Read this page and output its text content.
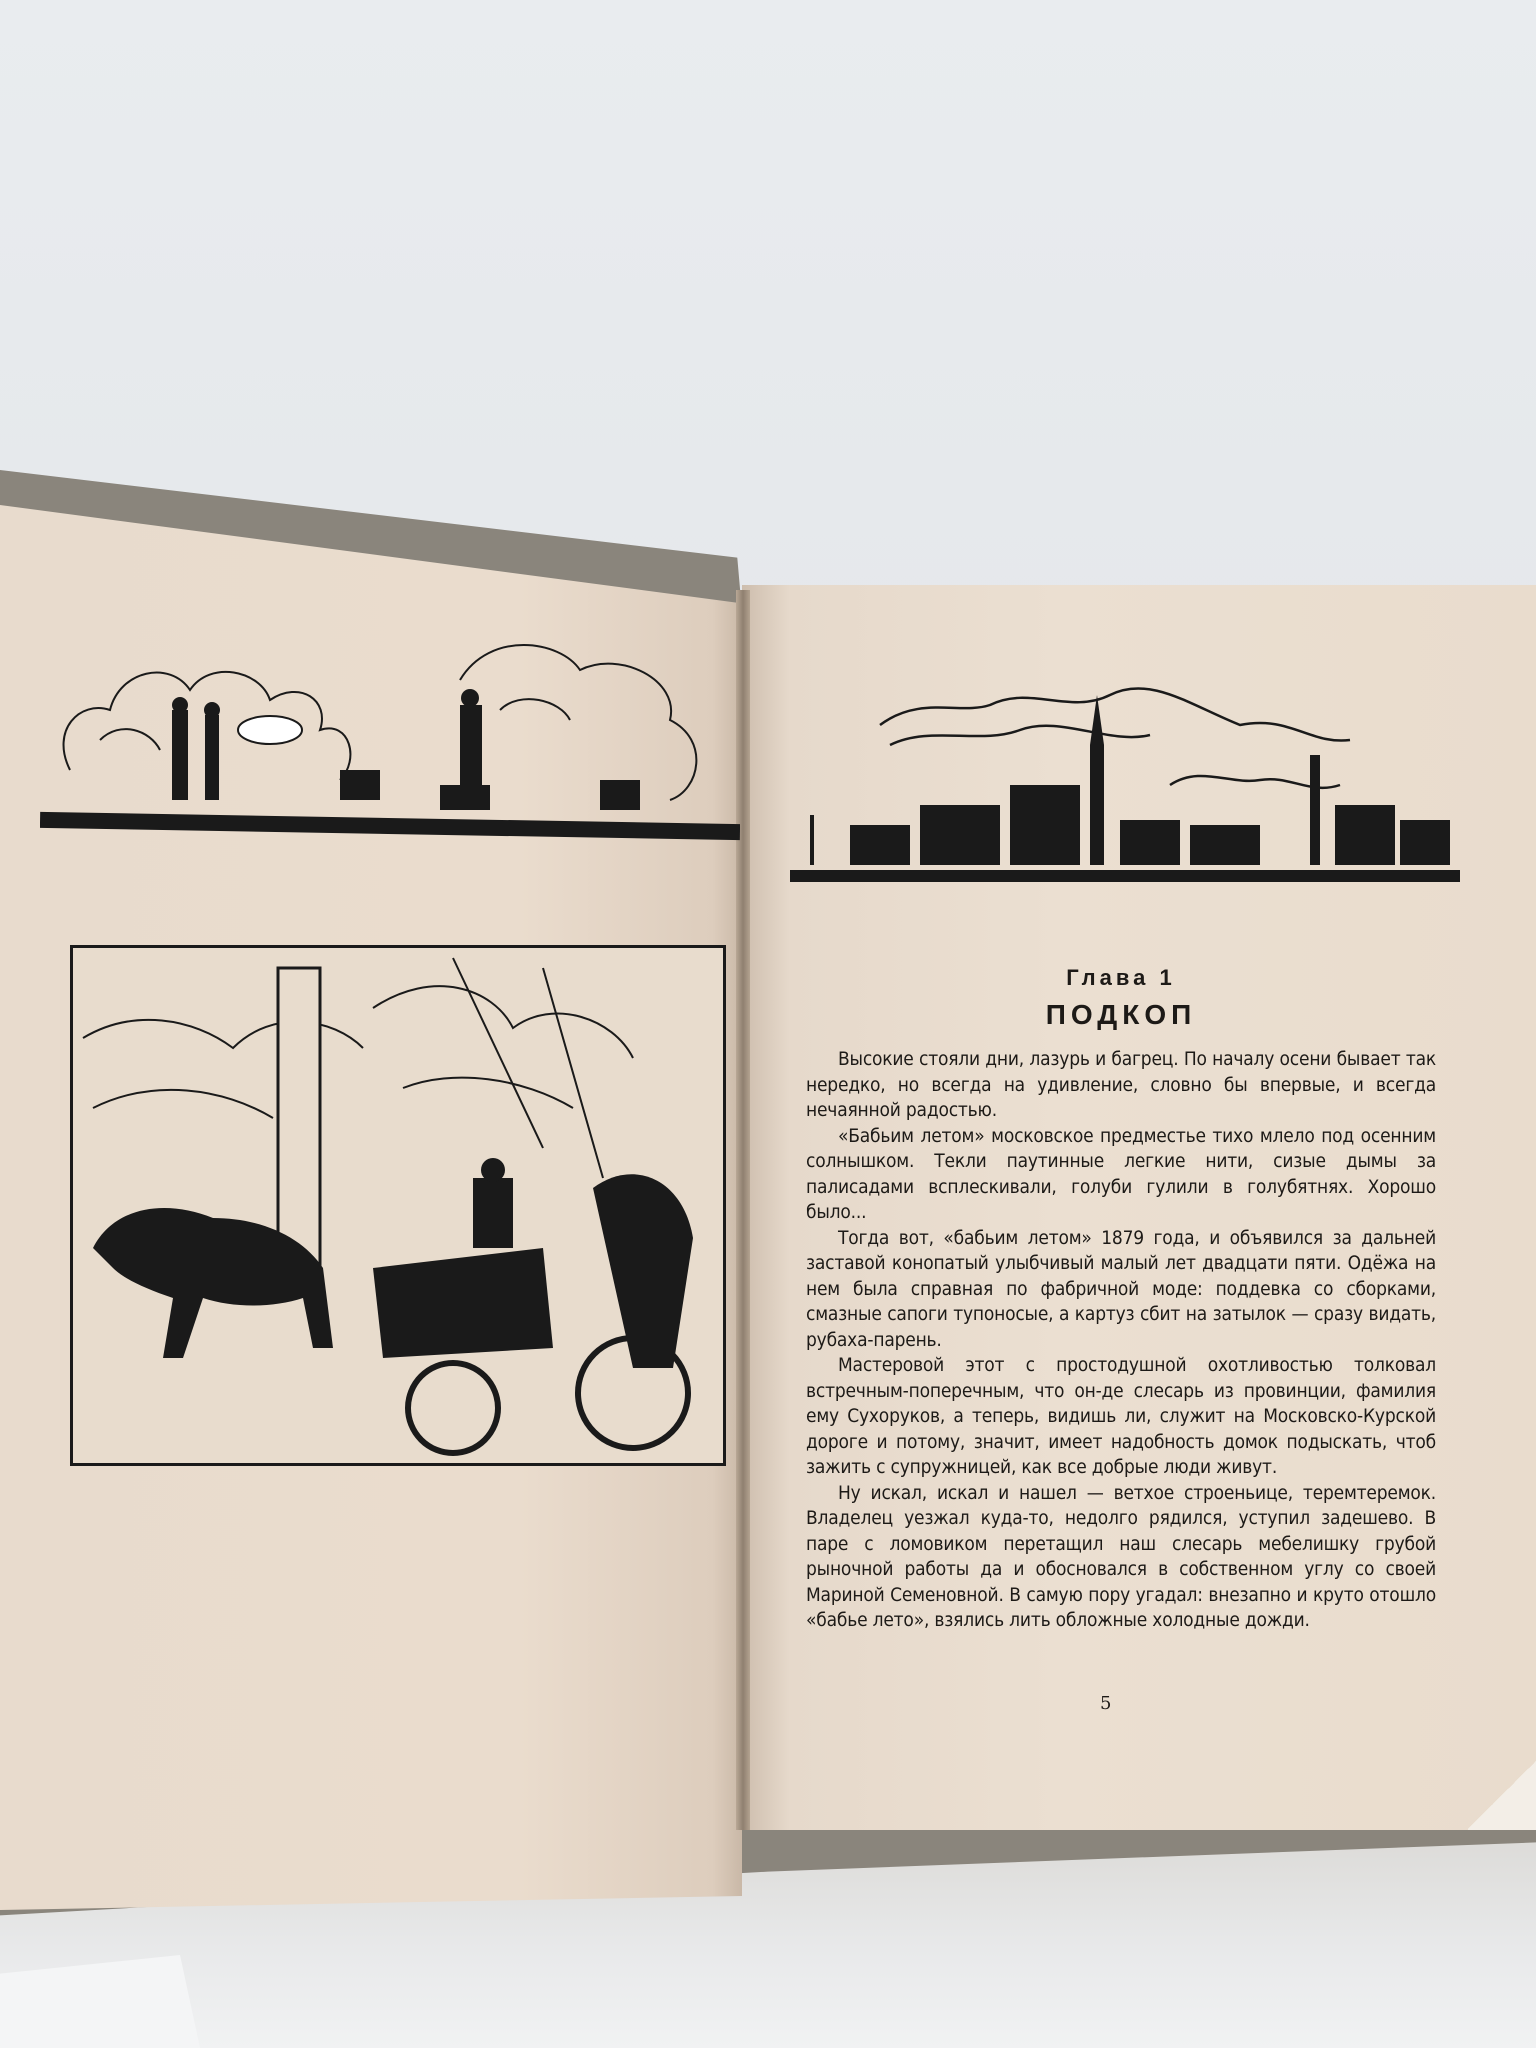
Глава 1
ПОДКОП

Высокие стояли дни, лазурь и багрец. По началу осени бывает так нередко, но всегда на удивление, словно бы впервые, и всегда нечаянной радостью.

«Бабьим летом» московское предместье тихо млело под осенним солнышком. Текли паутинные легкие нити, сизые дымы за палисадами всплескивали, голуби гулили в голубятнях. Хорошо было...

Тогда вот, «бабьим летом» 1879 года, и объявился за дальней заставой конопатый улыбчивый малый лет двадцати пяти. Одёжа на нем была справная по фабричной моде: поддевка со сборками, смазные сапоги тупоносые, а картуз сбит на затылок — сразу видать, рубаха-парень.

Мастеровой этот с простодушной охотливостью толковал встречным-поперечным, что он-де слесарь из провинции, фамилия ему Сухоруков, а теперь, видишь ли, служит на Московско-Курской дороге и потому, значит, имеет надобность домок подыскать, чтоб зажить с супружницей, как все добрые люди живут.

Ну искал, искал и нашел — ветхое строеньице, теремтеремок. Владелец уезжал куда-то, недолго рядился, уступил задешево. В паре с ломовиком перетащил наш слесарь мебелишку грубой рыночной работы да и обосновался в собственном углу со своей Мариной Семеновной. В самую пору угадал: внезапно и круто отошло «бабье лето», взялись лить обложные холодные дожди.

5
